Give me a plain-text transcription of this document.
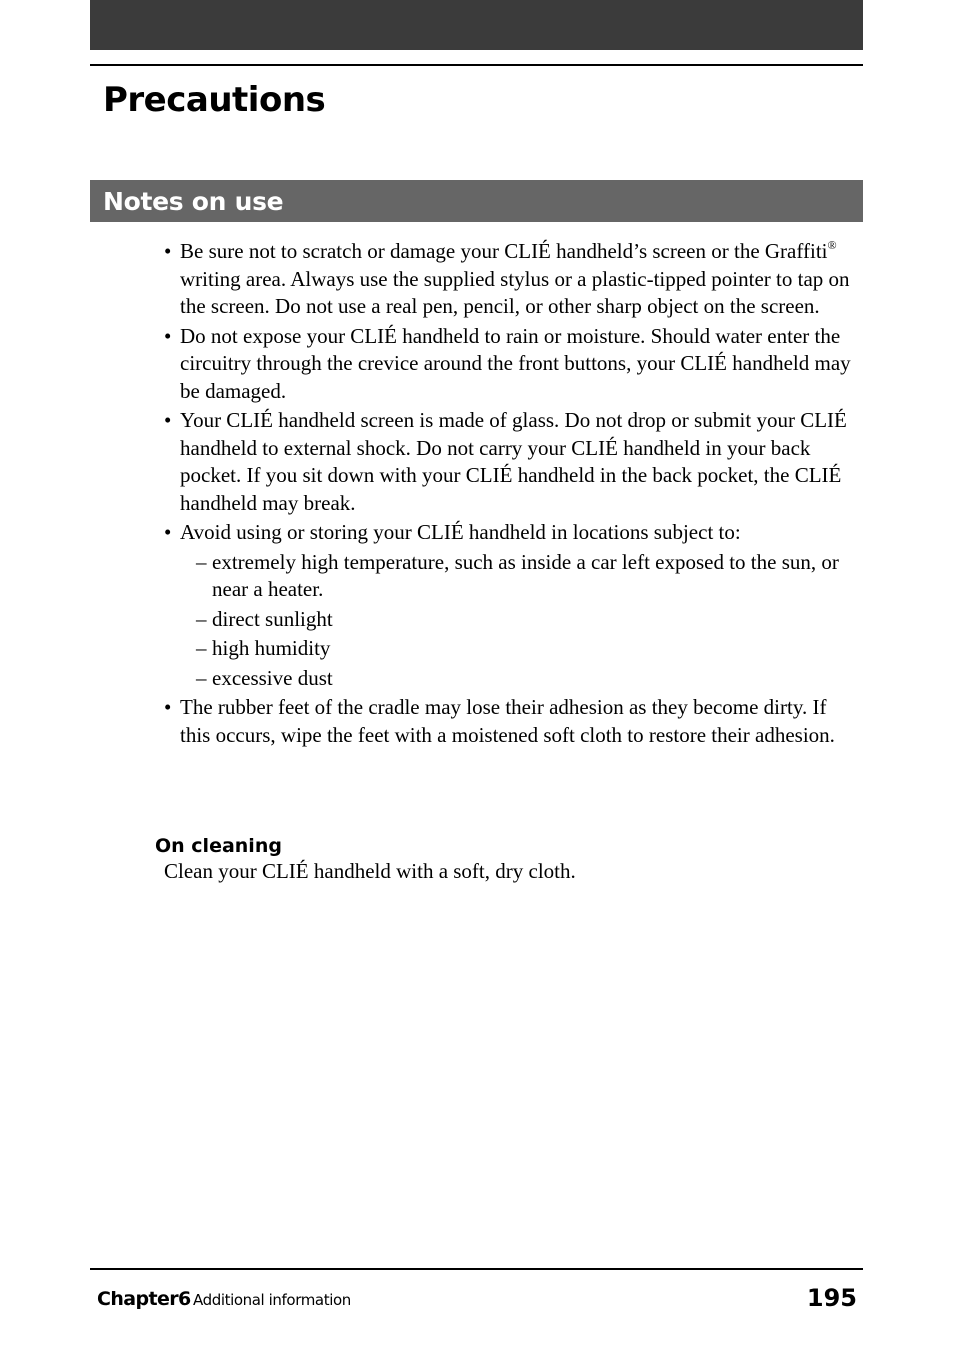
Precautions
Notes on use
• Be sure not to scratch or damage your CLIÉ handheld’s screen or the Graffiti® writing area. Always use the supplied stylus or a plastic-tipped pointer to tap on the screen. Do not use a real pen, pencil, or other sharp object on the screen.
• Do not expose your CLIÉ handheld to rain or moisture. Should water enter the circuitry through the crevice around the front buttons, your CLIÉ handheld may be damaged.
• Your CLIÉ handheld screen is made of glass. Do not drop or submit your CLIÉ handheld to external shock. Do not carry your CLIÉ handheld in your back pocket. If you sit down with your CLIÉ handheld in the back pocket, the CLIÉ handheld may break.
• Avoid using or storing your CLIÉ handheld in locations subject to:
– extremely high temperature, such as inside a car left exposed to the sun, or near a heater.
– direct sunlight
– high humidity
– excessive dust
• The rubber feet of the cradle may lose their adhesion as they become dirty. If this occurs, wipe the feet with a moistened soft cloth to restore their adhesion.
On cleaning

Clean your CLIÉ handheld with a soft, dry cloth.

Chapter6 Additional information	195
